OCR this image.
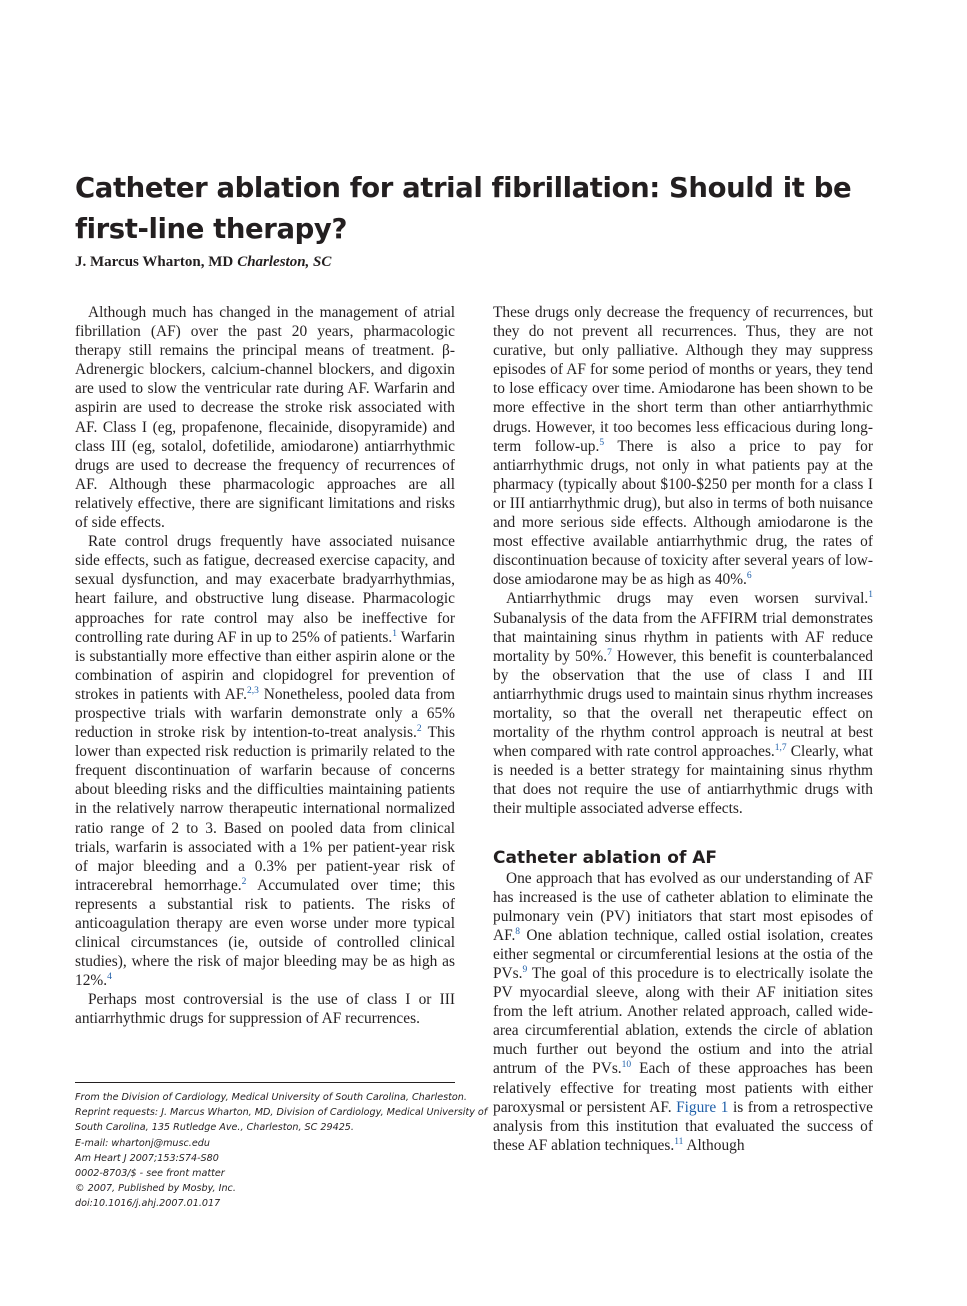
Catheter ablation for atrial fibrillation: Should it be first-line therapy?
J. Marcus Wharton, MD Charleston, SC

Although much has changed in the management of atrial fibrillation (AF) over the past 20 years, pharmacologic therapy still remains the principal means of treatment. β-Adrenergic blockers, calcium-channel blockers, and digoxin are used to slow the ventricular rate during AF. Warfarin and aspirin are used to decrease the stroke risk associated with AF. Class I (eg, propafenone, flecainide, disopyramide) and class III (eg, sotalol, dofetilide, amiodarone) antiarrhythmic drugs are used to decrease the frequency of recurrences of AF. Although these pharmacologic approaches are all relatively effective, there are significant limitations and risks of side effects.

Rate control drugs frequently have associated nuisance side effects, such as fatigue, decreased exercise capacity, and sexual dysfunction, and may exacerbate bradyarrhythmias, heart failure, and obstructive lung disease. Pharmacologic approaches for rate control may also be ineffective for controlling rate during AF in up to 25% of patients.$^1$ Warfarin is substantially more effective than either aspirin alone or the combination of aspirin and clopidogrel for prevention of strokes in patients with AF.$^{2,3}$ Nonetheless, pooled data from prospective trials with warfarin demonstrate only a 65% reduction in stroke risk by intention-to-treat analysis.$^2$ This lower than expected risk reduction is primarily related to the frequent discontinuation of warfarin because of concerns about bleeding risks and the difficulties maintaining patients in the relatively narrow therapeutic international normalized ratio range of 2 to 3. Based on pooled data from clinical trials, warfarin is associated with a 1% per patient-year risk of major bleeding and a 0.3% per patient-year risk of intracerebral hemorrhage.$^2$ Accumulated over time; this represents a substantial risk to patients. The risks of anticoagulation therapy are even worse under more typical clinical circumstances (ie, outside of controlled clinical studies), where the risk of major bleeding may be as high as 12%.$^4$

Perhaps most controversial is the use of class I or III antiarrhythmic drugs for suppression of AF recurrences.

These drugs only decrease the frequency of recurrences, but they do not prevent all recurrences. Thus, they are not curative, but only palliative. Although they may suppress episodes of AF for some period of months or years, they tend to lose efficacy over time. Amiodarone has been shown to be more effective in the short term than other antiarrhythmic drugs. However, it too becomes less efficacious during long-term follow-up.$^5$ There is also a price to pay for antiarrhythmic drugs, not only in what patients pay at the pharmacy (typically about $100-$250 per month for a class I or III antiarrhythmic drug), but also in terms of both nuisance and more serious side effects. Although amiodarone is the most effective available antiarrhythmic drug, the rates of discontinuation because of toxicity after several years of low-dose amiodarone may be as high as 40%.$^6$

Antiarrhythmic drugs may even worsen survival.$^1$ Subanalysis of the data from the AFFIRM trial demonstrates that maintaining sinus rhythm in patients with AF reduce mortality by 50%.$^7$ However, this benefit is counterbalanced by the observation that the use of class I and III antiarrhythmic drugs used to maintain sinus rhythm increases mortality, so that the overall net therapeutic effect on mortality of the rhythm control approach is neutral at best when compared with rate control approaches.$^{1,7}$ Clearly, what is needed is a better strategy for maintaining sinus rhythm that does not require the use of antiarrhythmic drugs with their multiple associated adverse effects.

Catheter ablation of AF

One approach that has evolved as our understanding of AF has increased is the use of catheter ablation to eliminate the pulmonary vein (PV) initiators that start most episodes of AF.$^8$ One ablation technique, called ostial isolation, creates either segmental or circumferential lesions at the ostia of the PVs.$^9$ The goal of this procedure is to electrically isolate the PV myocardial sleeve, along with their AF initiation sites from the left atrium. Another related approach, called wide-area circumferential ablation, extends the circle of ablation much further out beyond the ostium and into the atrial antrum of the PVs.$^{10}$ Each of these approaches has been relatively effective for treating most patients with either paroxysmal or persistent AF. Figure 1 is from a retrospective analysis from this institution that evaluated the success of these AF ablation techniques.$^{11}$ Although

From the Division of Cardiology, Medical University of South Carolina, Charleston.
Reprint requests: J. Marcus Wharton, MD, Division of Cardiology, Medical University of
South Carolina, 135 Rutledge Ave., Charleston, SC 29425.
E-mail: whartonj@musc.edu
Am Heart J 2007;153:S74-S80
0002-8703/$ - see front matter
© 2007, Published by Mosby, Inc.
doi:10.1016/j.ahj.2007.01.017
